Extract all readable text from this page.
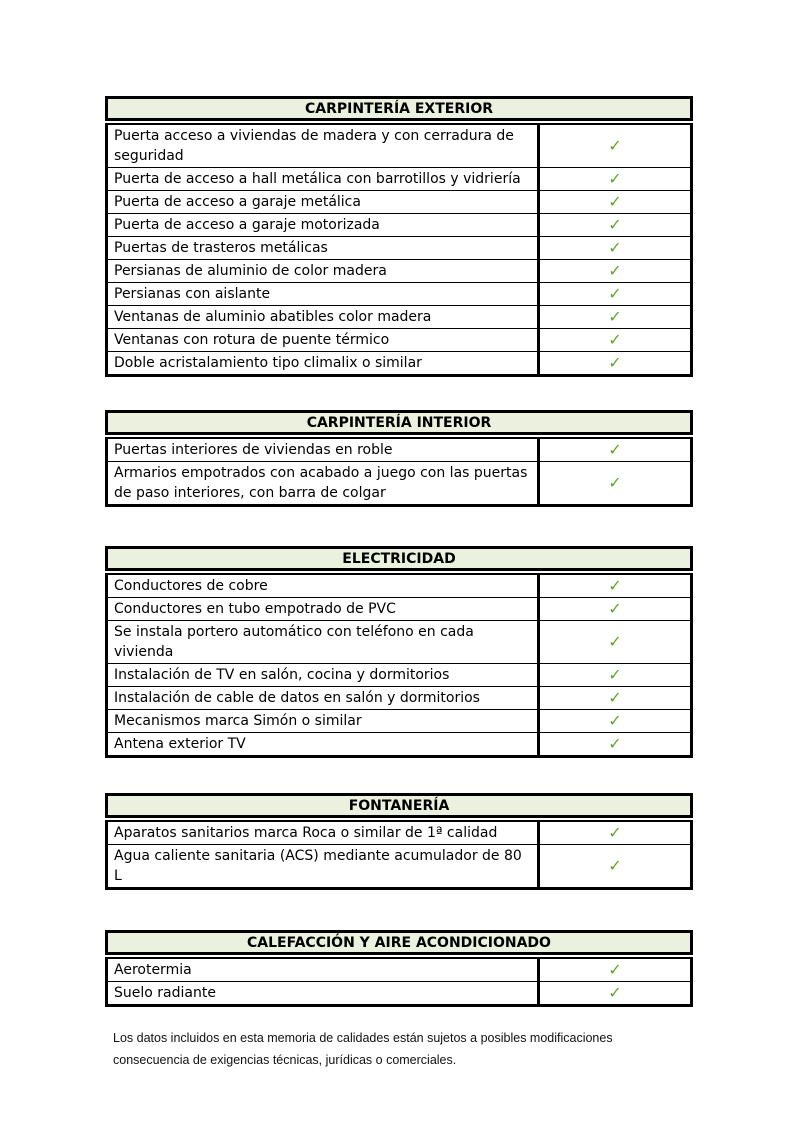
CARPINTERÍA EXTERIOR
Puerta acceso a viviendas de madera y con cerradura de seguridad	✓
Puerta de acceso a hall metálica con barrotillos y vidriería	✓
Puerta de acceso a garaje metálica	✓
Puerta de acceso a garaje motorizada	✓
Puertas de trasteros metálicas	✓
Persianas de aluminio de color madera	✓
Persianas con aislante	✓
Ventanas de aluminio abatibles color madera	✓
Ventanas con rotura de puente térmico	✓
Doble acristalamiento tipo climalix o similar	✓
CARPINTERÍA INTERIOR
Puertas interiores de viviendas en roble	✓
Armarios empotrados con acabado a juego con las puertas de paso interiores, con barra de colgar	✓
ELECTRICIDAD
Conductores de cobre	✓
Conductores en tubo empotrado de PVC	✓
Se instala portero automático con teléfono en cada vivienda	✓
Instalación de TV en salón, cocina y dormitorios	✓
Instalación de cable de datos en salón y dormitorios	✓
Mecanismos marca Simón o similar	✓
Antena exterior TV	✓
FONTANERÍA
Aparatos sanitarios marca Roca o similar de 1ª calidad	✓
Agua caliente sanitaria (ACS) mediante acumulador de 80 L	✓
CALEFACCIÓN Y AIRE ACONDICIONADO
Aerotermia	✓
Suelo radiante	✓
Los datos incluidos en esta memoria de calidades están sujetos a posibles modificaciones consecuencia de exigencias técnicas, jurídicas o comerciales.
